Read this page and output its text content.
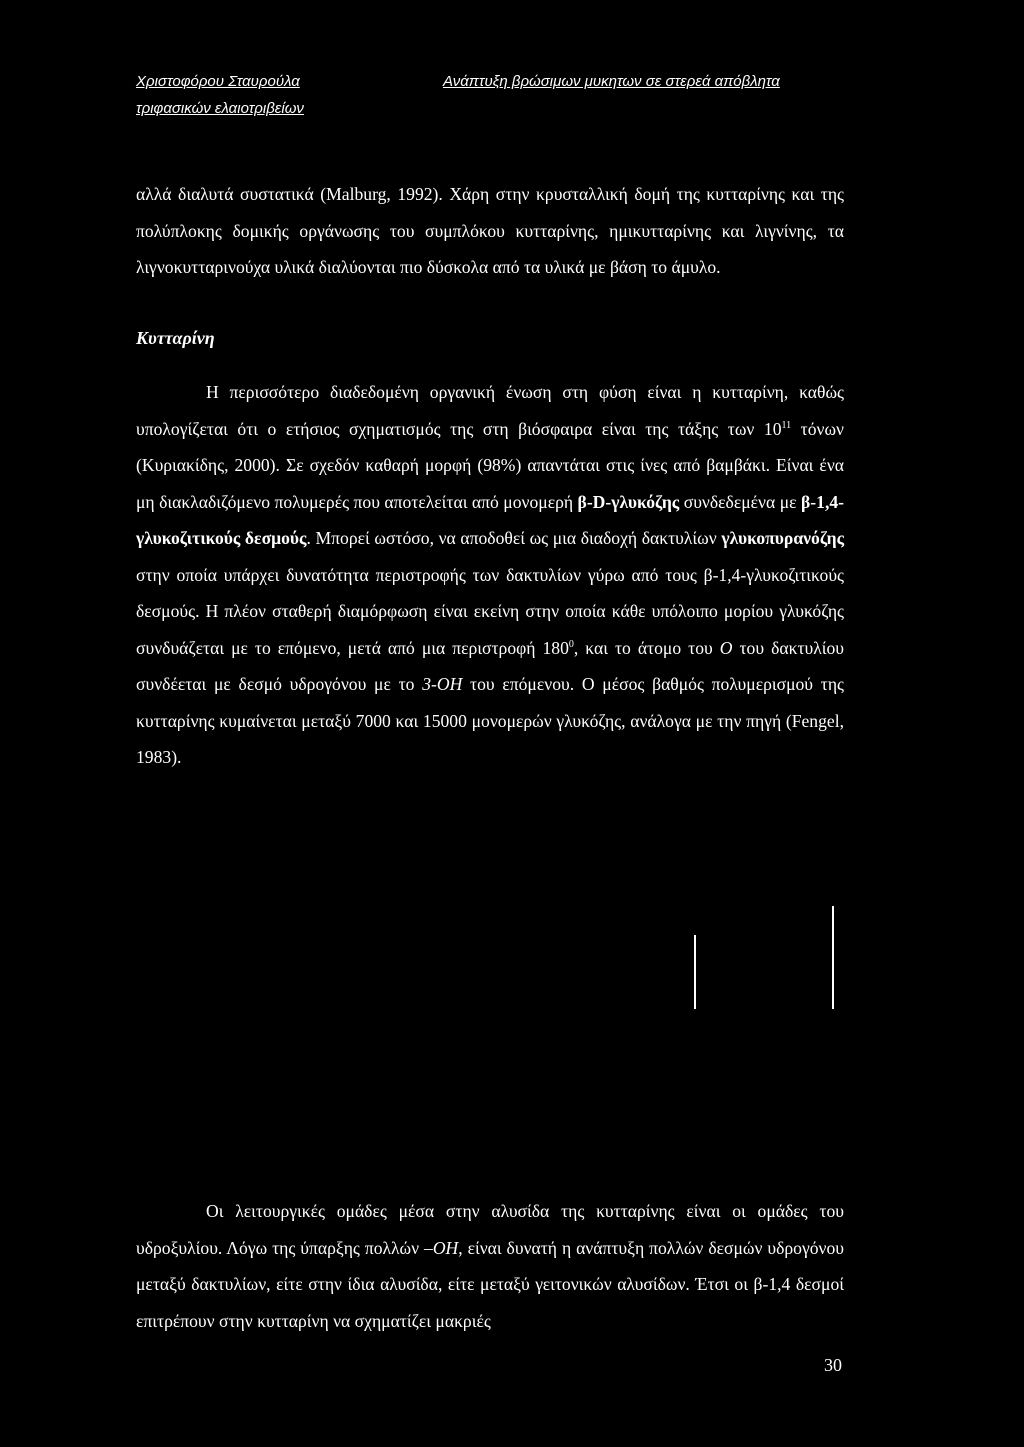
Χριστοφόρου Σταυρούλα
τριφασικών ελαιοτριβείων
Ανάπτυξη βρώσιμων μυκητων σε στερεά απόβλητα

αλλά διαλυτά συστατικά (Malburg, 1992). Χάρη στην κρυσταλλική δομή της κυτταρίνης και της πολύπλοκης δομικής οργάνωσης του συμπλόκου κυτταρίνης, ημικυτταρίνης και λιγνίνης, τα λιγνοκυτταρινούχα υλικά διαλύονται πιο δύσκολα από τα υλικά με βάση το άμυλο.

Κυτταρίνη

Η περισσότερο διαδεδομένη οργανική ένωση στη φύση είναι η κυτταρίνη, καθώς υπολογίζεται ότι ο ετήσιος σχηματισμός της στη βιόσφαιρα είναι της τάξης των $10^{11}$ τόνων (Κυριακίδης, 2000). Σε σχεδόν καθαρή μορφή (98%) απαντάται στις ίνες από βαμβάκι. Είναι ένα μη διακλαδιζόμενο πολυμερές που αποτελείται από μονομερή β-D-γλυκόζης συνδεδεμένα με β-1,4-γλυκοζιτικούς δεσμούς. Μπορεί ωστόσο, να αποδοθεί ως μια διαδοχή δακτυλίων γλυκοπυρανόζης στην οποία υπάρχει δυνατότητα περιστροφής των δακτυλίων γύρω από τους β-1,4-γλυκοζιτικούς δεσμούς. Η πλέον σταθερή διαμόρφωση είναι εκείνη στην οποία κάθε υπόλοιπο μορίου γλυκόζης συνδυάζεται με το επόμενο, μετά από μια περιστροφή $180^0$, και το άτομο του O του δακτυλίου συνδέεται με δεσμό υδρογόνου με το 3-OH του επόμενου. Ο μέσος βαθμός πολυμερισμού της κυτταρίνης κυμαίνεται μεταξύ 7000 και 15000 μονομερών γλυκόζης, ανάλογα με την πηγή (Fengel, 1983).

Οι λειτουργικές ομάδες μέσα στην αλυσίδα της κυτταρίνης είναι οι ομάδες του υδροξυλίου. Λόγω της ύπαρξης πολλών –OH, είναι δυνατή η ανάπτυξη πολλών δεσμών υδρογόνου μεταξύ δακτυλίων, είτε στην ίδια αλυσίδα, είτε μεταξύ γειτονικών αλυσίδων. Έτσι οι β-1,4 δεσμοί επιτρέπουν στην κυτταρίνη να σχηματίζει μακριές

30
